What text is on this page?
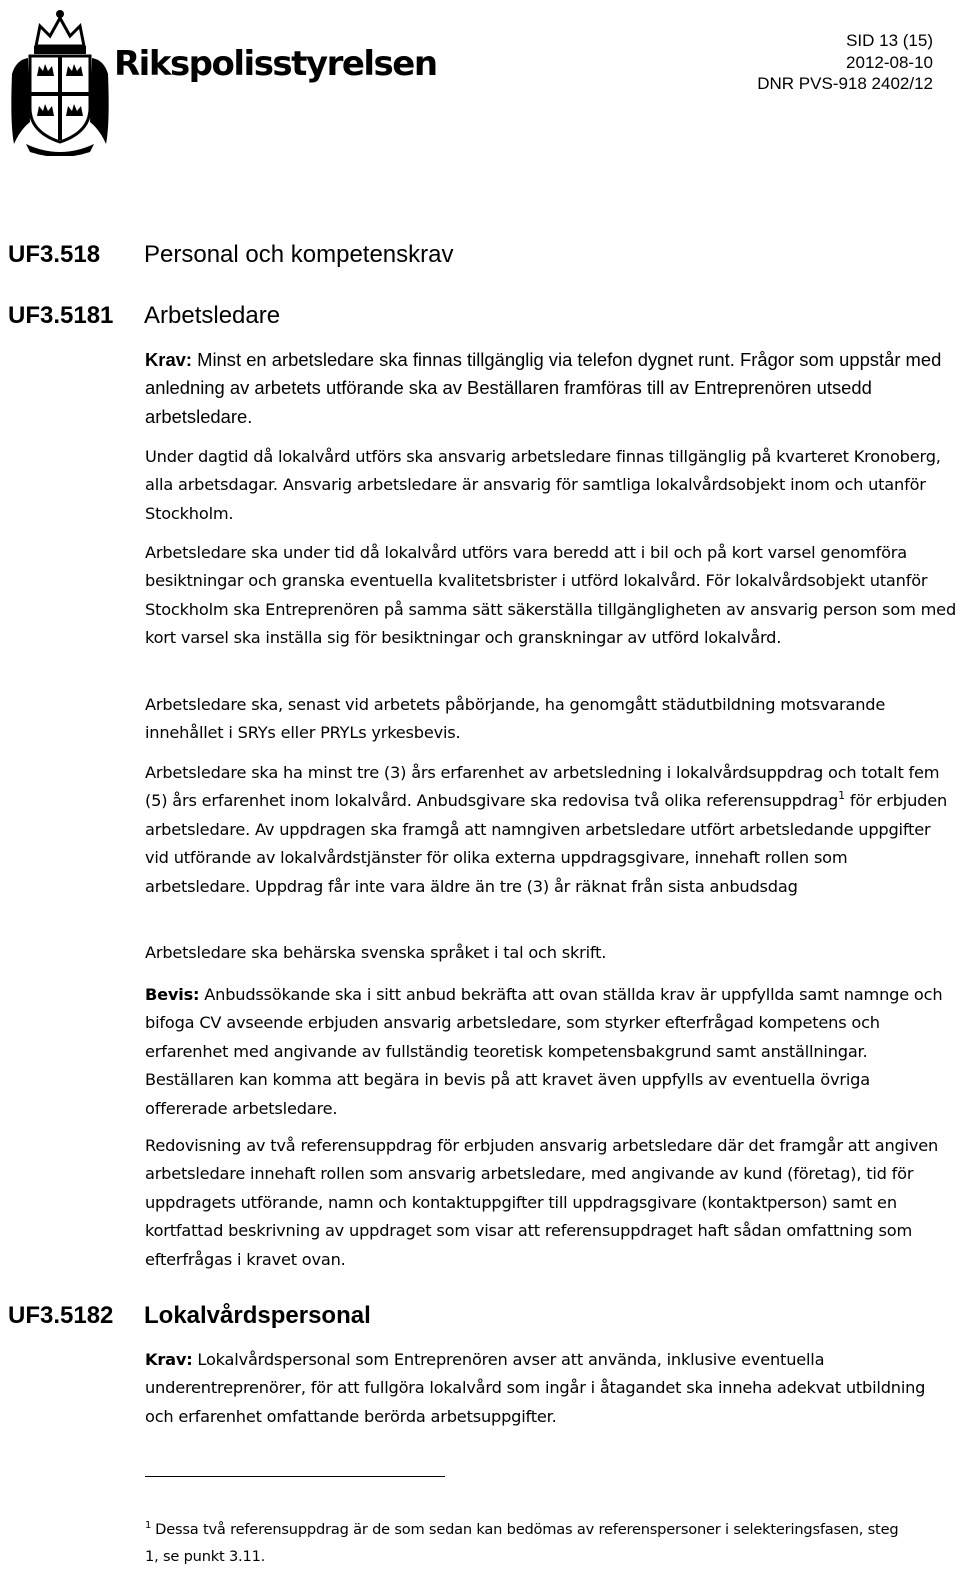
Rikspolisstyrelsen
SID 13 (15)
2012-08-10
DNR PVS-918 2402/12
UF3.518 Personal och kompetenskrav
UF3.5181 Arbetsledare
Krav: Minst en arbetsledare ska finnas tillgänglig via telefon dygnet runt. Frågor som uppstår med anledning av arbetets utförande ska av Beställaren framföras till av Entreprenören utsedd arbetsledare.
Under dagtid då lokalvård utförs ska ansvarig arbetsledare finnas tillgänglig på kvarteret Kronoberg, alla arbetsdagar. Ansvarig arbetsledare är ansvarig för samtliga lokalvårdsobjekt inom och utanför Stockholm.
Arbetsledare ska under tid då lokalvård utförs vara beredd att i bil och på kort varsel genomföra besiktningar och granska eventuella kvalitetsbrister i utförd lokalvård. För lokalvårdsobjekt utanför Stockholm ska Entreprenören på samma sätt säkerställa tillgängligheten av ansvarig person som med kort varsel ska inställa sig för besiktningar och granskningar av utförd lokalvård.
Arbetsledare ska, senast vid arbetets påbörjande, ha genomgått städutbildning motsvarande innehållet i SRYs eller PRYLs yrkesbevis.
Arbetsledare ska ha minst tre (3) års erfarenhet av arbetsledning i lokalvårdsuppdrag och totalt fem (5) års erfarenhet inom lokalvård. Anbudsgivare ska redovisa två olika referensuppdrag$^1$ för erbjuden arbetsledare. Av uppdragen ska framgå att namngiven arbetsledare utfört arbetsledande uppgifter vid utförande av lokalvårdstjänster för olika externa uppdragsgivare, innehaft rollen som arbetsledare. Uppdrag får inte vara äldre än tre (3) år räknat från sista anbudsdag
Arbetsledare ska behärska svenska språket i tal och skrift.
Bevis: Anbudssökande ska i sitt anbud bekräfta att ovan ställda krav är uppfyllda samt namnge och bifoga CV avseende erbjuden ansvarig arbetsledare, som styrker efterfrågad kompetens och erfarenhet med angivande av fullständig teoretisk kompetensbakgrund samt anställningar. Beställaren kan komma att begära in bevis på att kravet även uppfylls av eventuella övriga offererade arbetsledare.
Redovisning av två referensuppdrag för erbjuden ansvarig arbetsledare där det framgår att angiven arbetsledare innehaft rollen som ansvarig arbetsledare, med angivande av kund (företag), tid för uppdragets utförande, namn och kontaktuppgifter till uppdragsgivare (kontaktperson) samt en kortfattad beskrivning av uppdraget som visar att referensuppdraget haft sådan omfattning som efterfrågas i kravet ovan.
UF3.5182 Lokalvårdspersonal
Krav: Lokalvårdspersonal som Entreprenören avser att använda, inklusive eventuella underentreprenörer, för att fullgöra lokalvård som ingår i åtagandet ska inneha adekvat utbildning och erfarenhet omfattande berörda arbetsuppgifter.
$^1$ Dessa två referensuppdrag är de som sedan kan bedömas av referenspersoner i selekteringsfasen, steg 1, se punkt 3.11.
